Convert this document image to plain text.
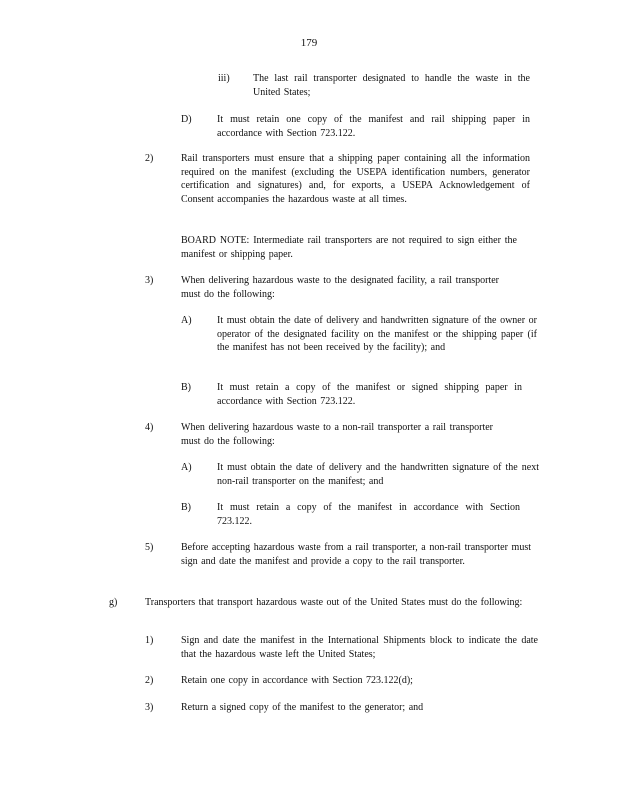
179
iii) The last rail transporter designated to handle the waste in the United States;
D)	It must retain one copy of the manifest and rail shipping paper in accordance with Section 723.122.
2)	Rail transporters must ensure that a shipping paper containing all the information required on the manifest (excluding the USEPA identification numbers, generator certification and signatures) and, for exports, a USEPA Acknowledgement of Consent accompanies the hazardous waste at all times.
BOARD NOTE: Intermediate rail transporters are not required to sign either the manifest or shipping paper.
3)	When delivering hazardous waste to the designated facility, a rail transporter must do the following:
A)	It must obtain the date of delivery and handwritten signature of the owner or operator of the designated facility on the manifest or the shipping paper (if the manifest has not been received by the facility); and
B)	It must retain a copy of the manifest or signed shipping paper in accordance with Section 723.122.
4)	When delivering hazardous waste to a non-rail transporter a rail transporter must do the following:
A)	It must obtain the date of delivery and the handwritten signature of the next non-rail transporter on the manifest; and
B)	It must retain a copy of the manifest in accordance with Section 723.122.
5)	Before accepting hazardous waste from a rail transporter, a non-rail transporter must sign and date the manifest and provide a copy to the rail transporter.
g)	Transporters that transport hazardous waste out of the United States must do the following:
1)	Sign and date the manifest in the International Shipments block to indicate the date that the hazardous waste left the United States;
2)	Retain one copy in accordance with Section 723.122(d);
3)	Return a signed copy of the manifest to the generator; and
